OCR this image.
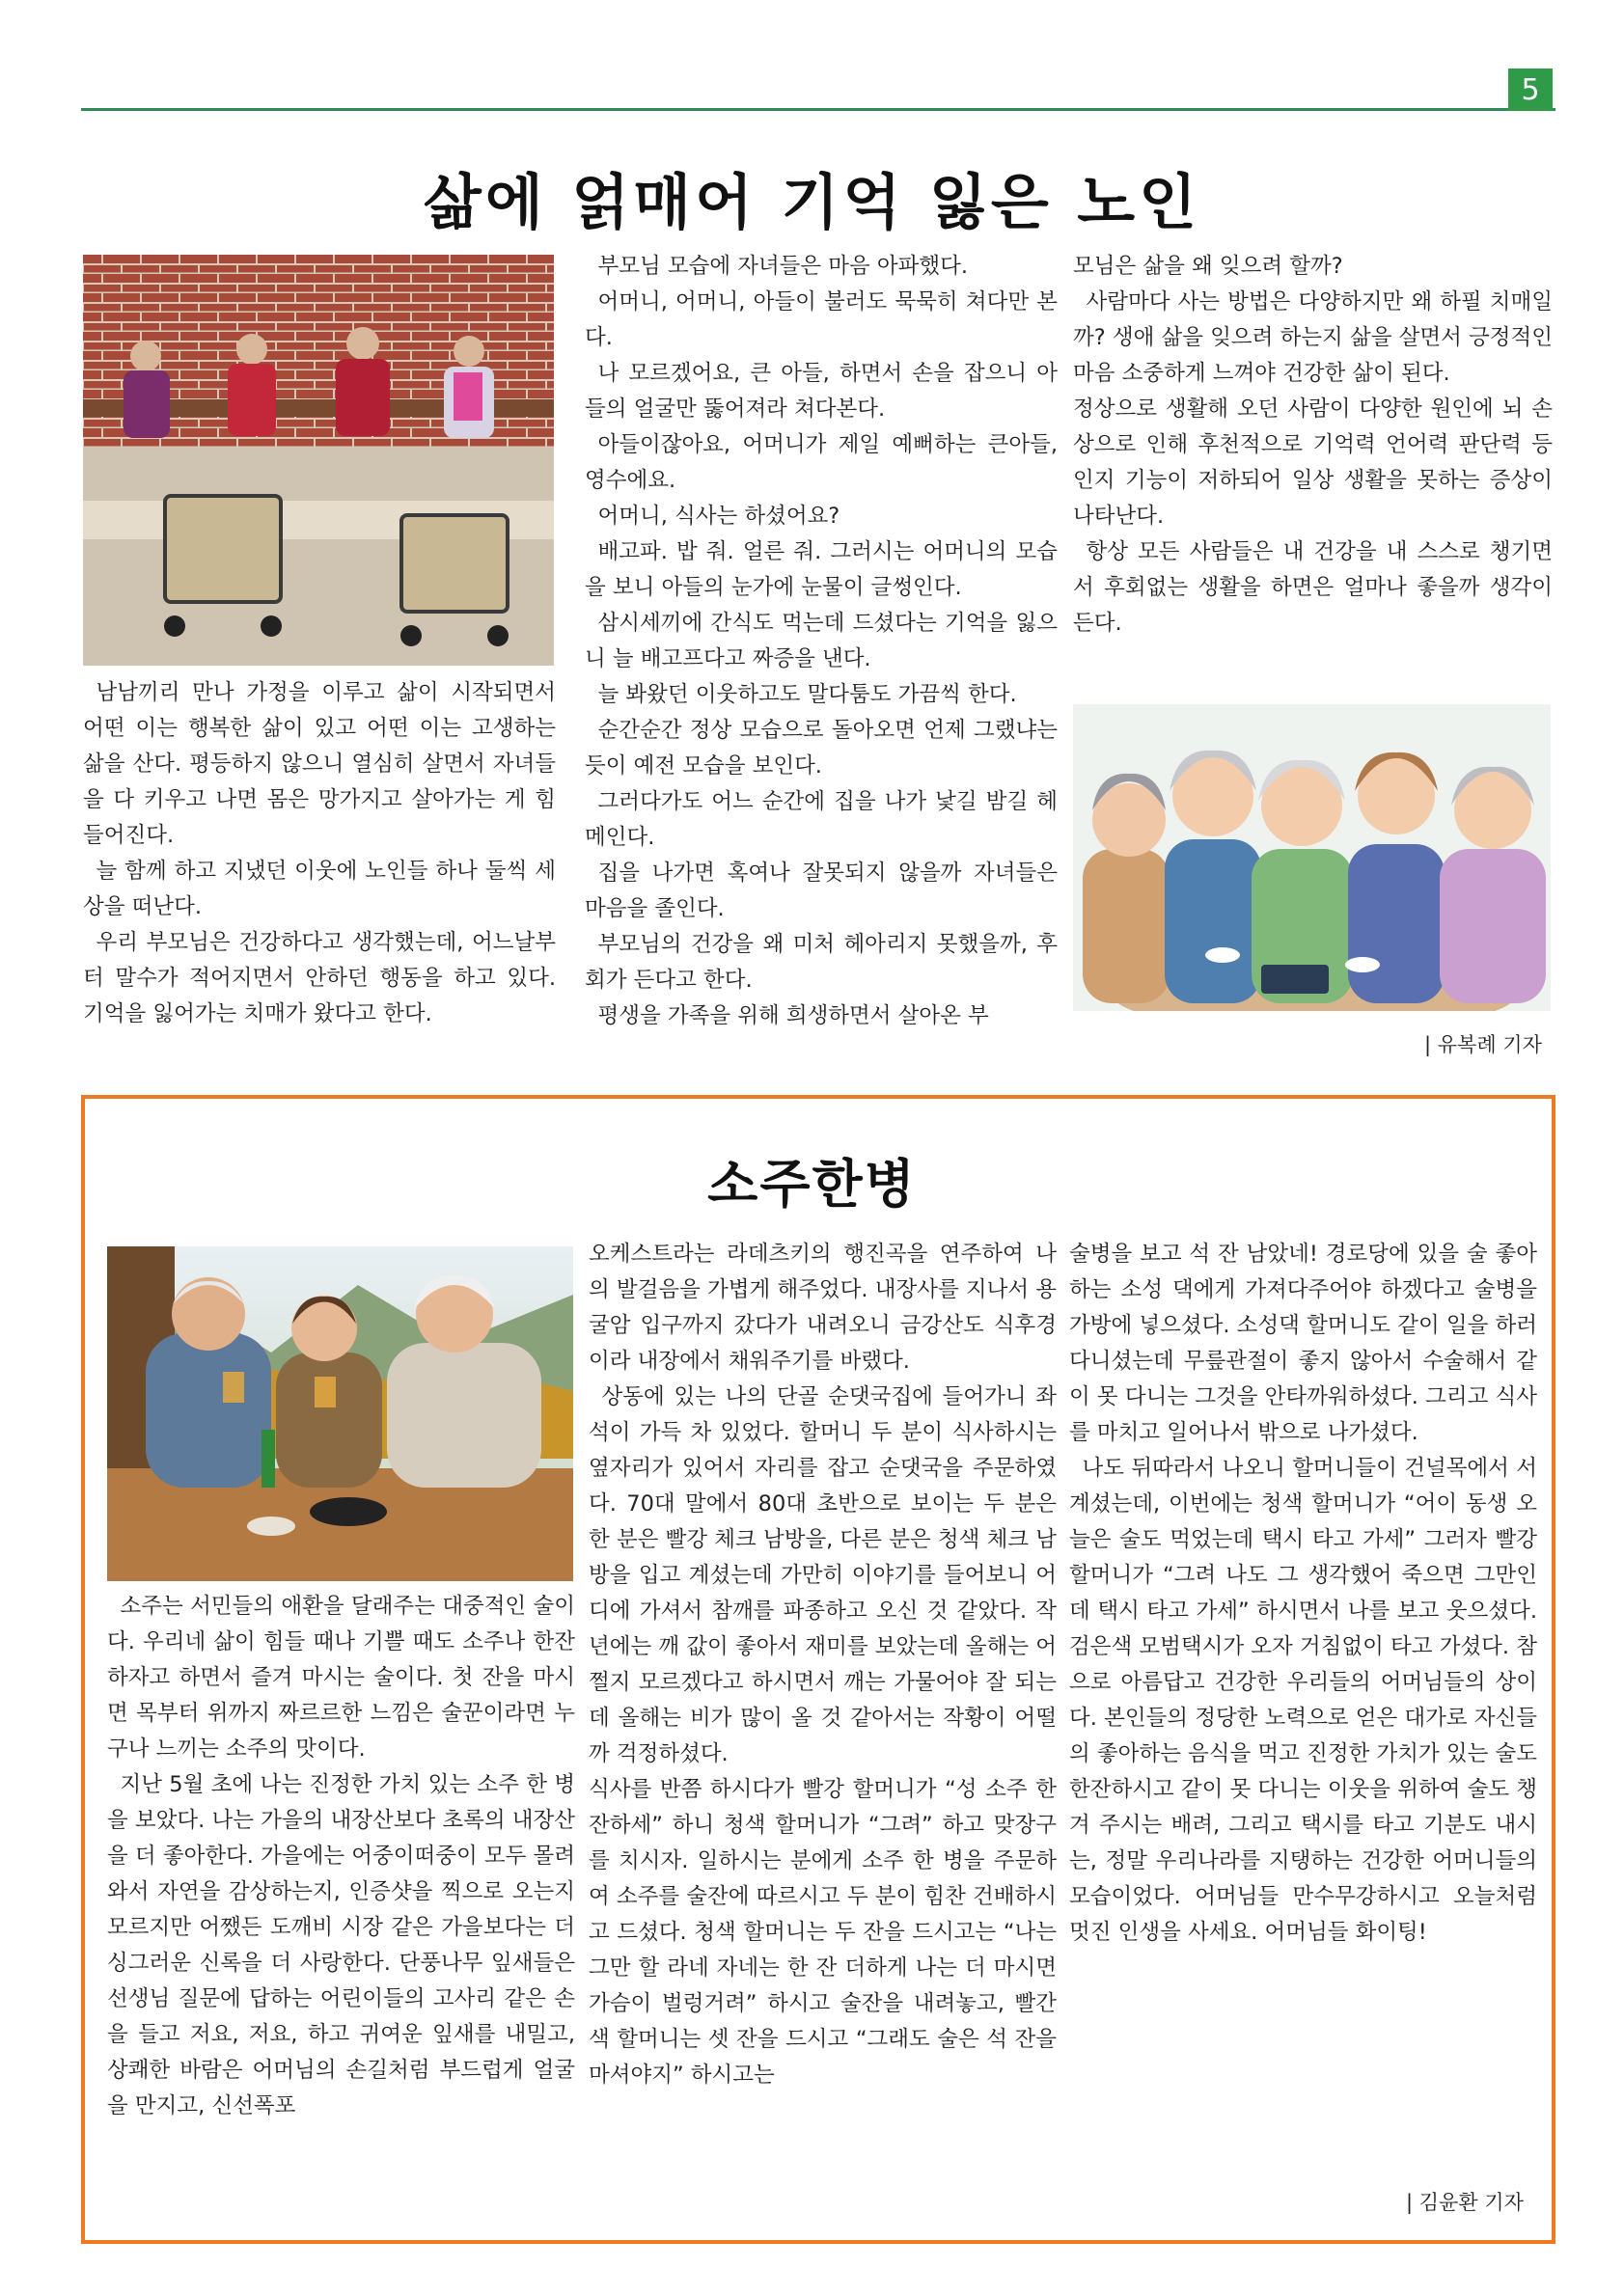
5
삶에 얽매어 기억 잃은 노인

남남끼리 만나 가정을 이루고 삶이 시작되면서 어떤 이는 행복한 삶이 있고 어떤 이는 고생하는 삶을 산다. 평등하지 않으니 열심히 살면서 자녀들을 다 키우고 나면 몸은 망가지고 살아가는 게 힘들어진다.

늘 함께 하고 지냈던 이웃에 노인들 하나 둘씩 세상을 떠난다.

우리 부모님은 건강하다고 생각했는데, 어느날부터 말수가 적어지면서 안하던 행동을 하고 있다. 기억을 잃어가는 치매가 왔다고 한다.

부모님 모습에 자녀들은 마음 아파했다.

어머니, 어머니, 아들이 불러도 묵묵히 쳐다만 본다.

나 모르겠어요, 큰 아들, 하면서 손을 잡으니 아들의 얼굴만 뚫어져라 쳐다본다.

아들이잖아요, 어머니가 제일 예뻐하는 큰아들, 영수에요.

어머니, 식사는 하셨어요?

배고파. 밥 줘. 얼른 줘. 그러시는 어머니의 모습을 보니 아들의 눈가에 눈물이 글썽인다.

삼시세끼에 간식도 먹는데 드셨다는 기억을 잃으니 늘 배고프다고 짜증을 낸다.

늘 봐왔던 이웃하고도 말다툼도 가끔씩 한다.

순간순간 정상 모습으로 돌아오면 언제 그랬냐는 듯이 예전 모습을 보인다.

그러다가도 어느 순간에 집을 나가 낯길 밤길 헤메인다.

집을 나가면 혹여나 잘못되지 않을까 자녀들은 마음을 졸인다.

부모님의 건강을 왜 미처 헤아리지 못했을까, 후회가 든다고 한다.

평생을 가족을 위해 희생하면서 살아온 부

모님은 삶을 왜 잊으려 할까?

사람마다 사는 방법은 다양하지만 왜 하필 치매일까? 생애 삶을 잊으려 하는지 삶을 살면서 긍정적인 마음 소중하게 느껴야 건강한 삶이 된다.

정상으로 생활해 오던 사람이 다양한 원인에 뇌 손상으로 인해 후천적으로 기억력 언어력 판단력 등 인지 기능이 저하되어 일상 생활을 못하는 증상이 나타난다.

항상 모든 사람들은 내 건강을 내 스스로 챙기면서 후회없는 생활을 하면은 얼마나 좋을까 생각이 든다.

| 유복례 기자
소주한병

소주는 서민들의 애환을 달래주는 대중적인 술이다. 우리네 삶이 힘들 때나 기쁠 때도 소주나 한잔하자고 하면서 즐겨 마시는 술이다. 첫 잔을 마시면 목부터 위까지 짜르르한 느낌은 술꾼이라면 누구나 느끼는 소주의 맛이다.

지난 5월 초에 나는 진정한 가치 있는 소주 한 병을 보았다. 나는 가을의 내장산보다 초록의 내장산을 더 좋아한다. 가을에는 어중이떠중이 모두 몰려와서 자연을 감상하는지, 인증샷을 찍으로 오는지 모르지만 어쨌든 도깨비 시장 같은 가을보다는 더 싱그러운 신록을 더 사랑한다. 단풍나무 잎새들은 선생님 질문에 답하는 어린이들의 고사리 같은 손을 들고 저요, 저요, 하고 귀여운 잎새를 내밀고, 상쾌한 바람은 어머님의 손길처럼 부드럽게 얼굴을 만지고, 신선폭포

오케스트라는 라데츠키의 행진곡을 연주하여 나의 발걸음을 가볍게 해주었다. 내장사를 지나서 용굴암 입구까지 갔다가 내려오니 금강산도 식후경이라 내장에서 채워주기를 바랬다.

상동에 있는 나의 단골 순댓국집에 들어가니 좌석이 가득 차 있었다. 할머니 두 분이 식사하시는 옆자리가 있어서 자리를 잡고 순댓국을 주문하였다. 70대 말에서 80대 초반으로 보이는 두 분은 한 분은 빨강 체크 남방을, 다른 분은 청색 체크 남방을 입고 계셨는데 가만히 이야기를 들어보니 어디에 가셔서 참깨를 파종하고 오신 것 같았다. 작년에는 깨 값이 좋아서 재미를 보았는데 올해는 어쩔지 모르겠다고 하시면서 깨는 가물어야 잘 되는데 올해는 비가 많이 올 것 같아서는 작황이 어떨까 걱정하셨다.

식사를 반쯤 하시다가 빨강 할머니가 “성 소주 한잔하세” 하니 청색 할머니가 “그려” 하고 맞장구를 치시자. 일하시는 분에게 소주 한 병을 주문하여 소주를 술잔에 따르시고 두 분이 힘찬 건배하시고 드셨다. 청색 할머니는 두 잔을 드시고는 “나는 그만 할 라네 자네는 한 잔 더하게 나는 더 마시면 가슴이 벌렁거려” 하시고 술잔을 내려놓고, 빨간색 할머니는 셋 잔을 드시고 “그래도 술은 석 잔을 마셔야지” 하시고는

술병을 보고 석 잔 남았네! 경로당에 있을 술 좋아하는 소성 댁에게 가져다주어야 하겠다고 술병을 가방에 넣으셨다. 소성댁 할머니도 같이 일을 하러 다니셨는데 무릎관절이 좋지 않아서 수술해서 같이 못 다니는 그것을 안타까워하셨다. 그리고 식사를 마치고 일어나서 밖으로 나가셨다.

나도 뒤따라서 나오니 할머니들이 건널목에서 서 계셨는데, 이번에는 청색 할머니가 “어이 동생 오늘은 술도 먹었는데 택시 타고 가세” 그러자 빨강 할머니가 “그려 나도 그 생각했어 죽으면 그만인데 택시 타고 가세” 하시면서 나를 보고 웃으셨다. 검은색 모범택시가 오자 거침없이 타고 가셨다. 참으로 아름답고 건강한 우리들의 어머님들의 상이다. 본인들의 정당한 노력으로 얻은 대가로 자신들의 좋아하는 음식을 먹고 진정한 가치가 있는 술도 한잔하시고 같이 못 다니는 이웃을 위하여 술도 챙겨 주시는 배려, 그리고 택시를 타고 기분도 내시는, 정말 우리나라를 지탱하는 건강한 어머니들의 모습이었다. 어머님들 만수무강하시고 오늘처럼 멋진 인생을 사세요. 어머님들 화이팅!

| 김윤환 기자
